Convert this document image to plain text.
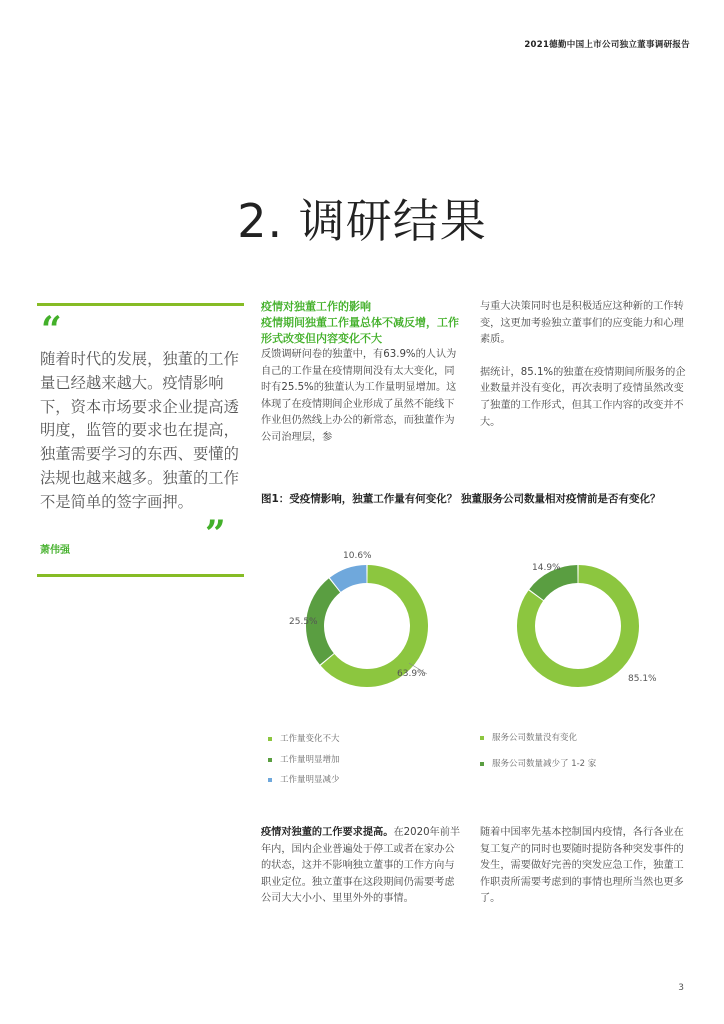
2021德勤中国上市公司独立董事调研报告
2. 调研结果
“
随着时代的发展，独董的工作量已经越来越大。疫情影响下，资本市场要求企业提高透明度，监管的要求也在提高，独董需要学习的东西、要懂的法规也越来越多。独董的工作不是简单的签字画押。
”
萧伟强
疫情对独董工作的影响
疫情期间独董工作量总体不减反增，工作形式改变但内容变化不大
反馈调研问卷的独董中，有63.9%的人认为自己的工作量在疫情期间没有太大变化，同时有25.5%的独董认为工作量明显增加。这体现了在疫情期间企业形成了虽然不能线下作业但仍然线上办公的新常态，而独董作为公司治理层，参

与重大决策同时也是积极适应这种新的工作转变，这更加考验独立董事们的应变能力和心理素质。

据统计，85.1%的独董在疫情期间所服务的企业数量并没有变化，再次表明了疫情虽然改变了独董的工作形式，但其工作内容的改变并不大。

图1：受疫情影响，独董工作量有何变化？ 独董服务公司数量相对疫情前是否有变化？
63.9%
25.5%
10.6%
85.1%
14.9%
工作量变化不大
工作量明显增加
工作量明显减少
服务公司数量没有变化
服务公司数量减少了 1-2 家
疫情对独董的工作要求提高。在2020年前半年内，国内企业普遍处于停工或者在家办公的状态，这并不影响独立董事的工作方向与职业定位。独立董事在这段期间仍需要考虑公司大大小小、里里外外的事情。
随着中国率先基本控制国内疫情，各行各业在复工复产的同时也要随时提防各种突发事件的发生，需要做好完善的突发应急工作，独董工作职责所需要考虑到的事情也理所当然也更多了。
3
